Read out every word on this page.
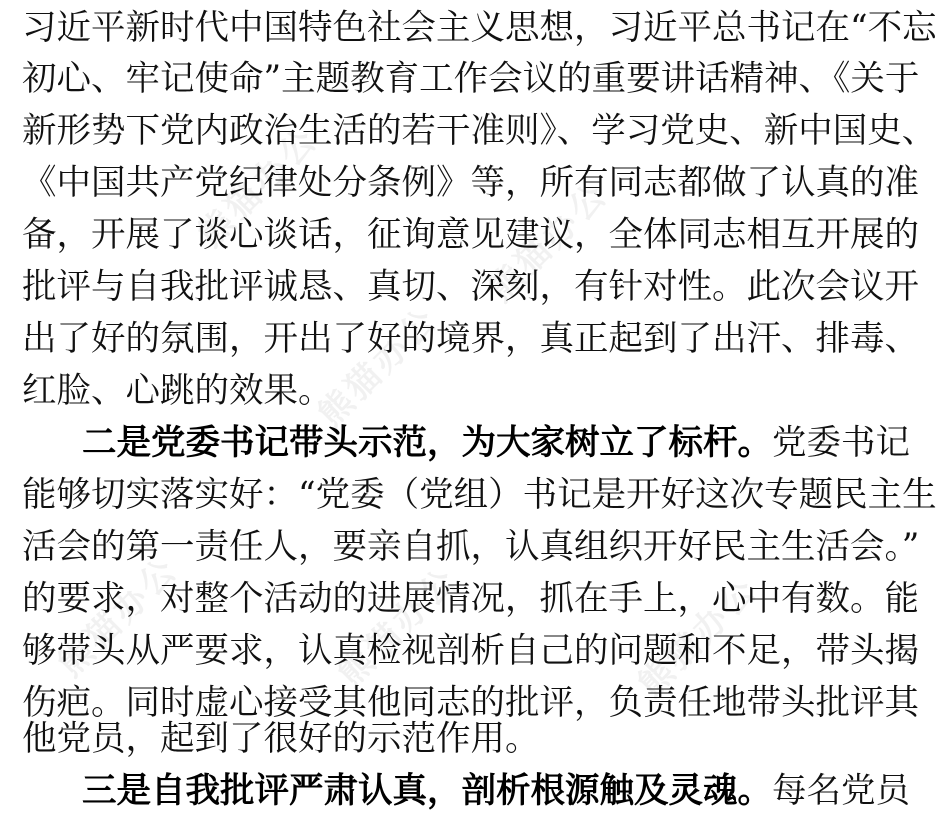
熊猫办公	熊猫办公
熊猫办公
熊猫办公	熊猫办公	熊猫办公
习近平新时代中国特色社会主义思想，习近平总书记在“不忘
初心、牢记使命”主题教育工作会议的重要讲话精神、《关于
新形势下党内政治生活的若干准则》、学习党史、新中国史、
《中国共产党纪律处分条例》等，所有同志都做了认真的准
备，开展了谈心谈话，征询意见建议，全体同志相互开展的
批评与自我批评诚恳、真切、深刻，有针对性。此次会议开
出了好的氛围，开出了好的境界，真正起到了出汗、排毒、
红脸、心跳的效果。
二是党委书记带头示范，为大家树立了标杆。党委书记
能够切实落实好：“党委（党组）书记是开好这次专题民主生
活会的第一责任人，要亲自抓，认真组织开好民主生活会。”
的要求，对整个活动的进展情况，抓在手上，心中有数。能
够带头从严要求，认真检视剖析自己的问题和不足，带头揭
伤疤。同时虚心接受其他同志的批评，负责任地带头批评其
他党员，起到了很好的示范作用。
三是自我批评严肃认真，剖析根源触及灵魂。每名党员
